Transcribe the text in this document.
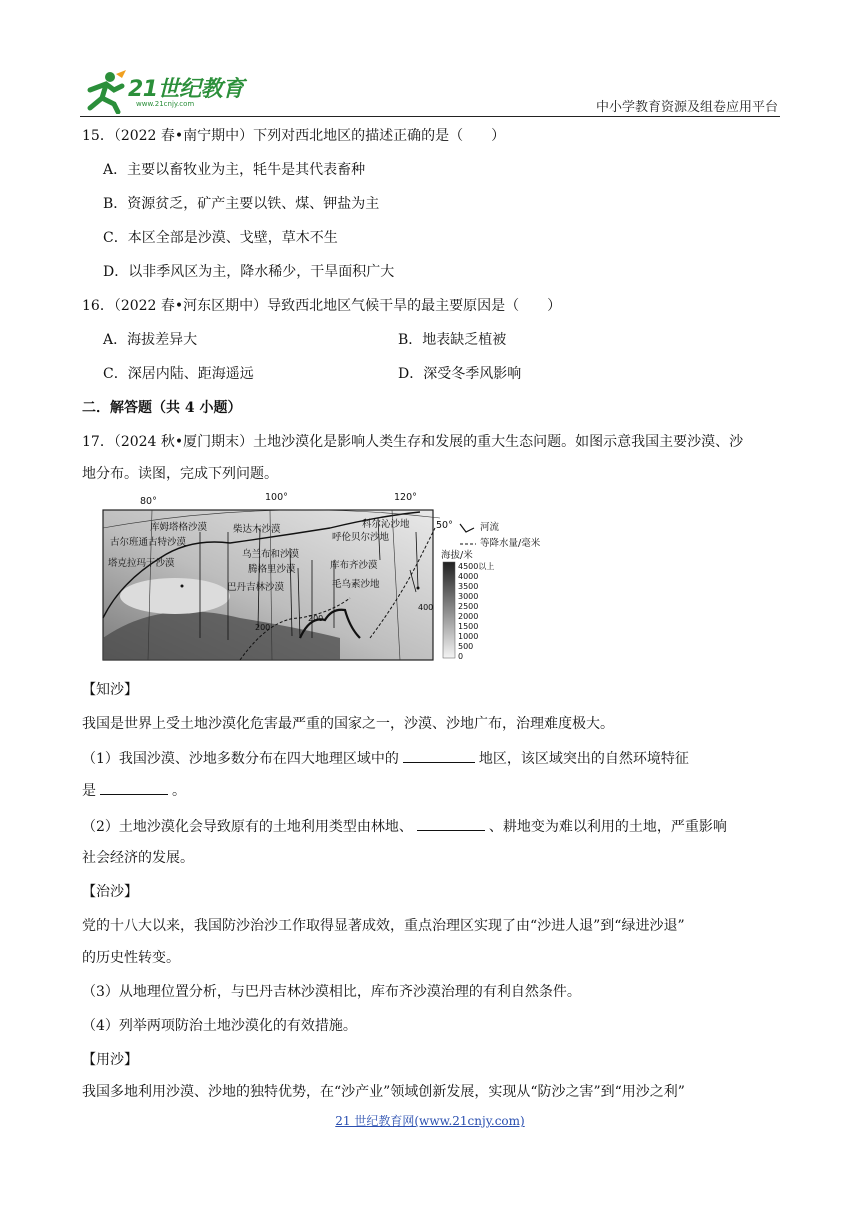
21世纪教育
www.21cnjy.com	中小学教育资源及组卷应用平台
15．（2022 春•南宁期中）下列对西北地区的描述正确的是（　　）
A．主要以畜牧业为主，牦牛是其代表畜种
B．资源贫乏，矿产主要以铁、煤、钾盐为主
C．本区全部是沙漠、戈壁，草木不生
D．以非季风区为主，降水稀少，干旱面积广大
16．（2022 春•河东区期中）导致西北地区气候干旱的最主要原因是（　　）
A．海拔差异大	B．地表缺乏植被
C．深居内陆、距海遥远	D．深受冬季风影响
二．解答题（共 4 小题）
17．（2024 秋•厦门期末）土地沙漠化是影响人类生存和发展的重大生态问题。如图示意我国主要沙漠、沙
地分布。读图，完成下列问题。
80°	100°	120°
50°
库姆塔格沙漠	柴达木沙漠	科尔沁沙地
古尔班通古特沙漠	呼伦贝尔沙地
塔克拉玛干沙漠
乌兰布和沙漠
腾格里沙漠	库布齐沙漠
巴丹吉林沙漠	毛乌素沙地
200
200
400
河流
等降水量/毫米
海拔/米
4500以上
4000
3500
3000
2500
2000
1500
1000
500
0
【知沙】
我国是世界上受土地沙漠化危害最严重的国家之一，沙漠、沙地广布，治理难度极大。
（1）我国沙漠、沙地多数分布在四大地理区域中的	地区，该区域突出的自然环境特征
是	。
（2）土地沙漠化会导致原有的土地利用类型由林地、	、耕地变为难以利用的土地，严重影响
社会经济的发展。
【治沙】
党的十八大以来，我国防沙治沙工作取得显著成效，重点治理区实现了由“沙进人退”到“绿进沙退”
的历史性转变。
（3）从地理位置分析，与巴丹吉林沙漠相比，库布齐沙漠治理的有利自然条件。
（4）列举两项防治土地沙漠化的有效措施。
【用沙】
我国多地利用沙漠、沙地的独特优势，在“沙产业”领域创新发展，实现从“防沙之害”到“用沙之利”
21 世纪教育网(www.21cnjy.com)
